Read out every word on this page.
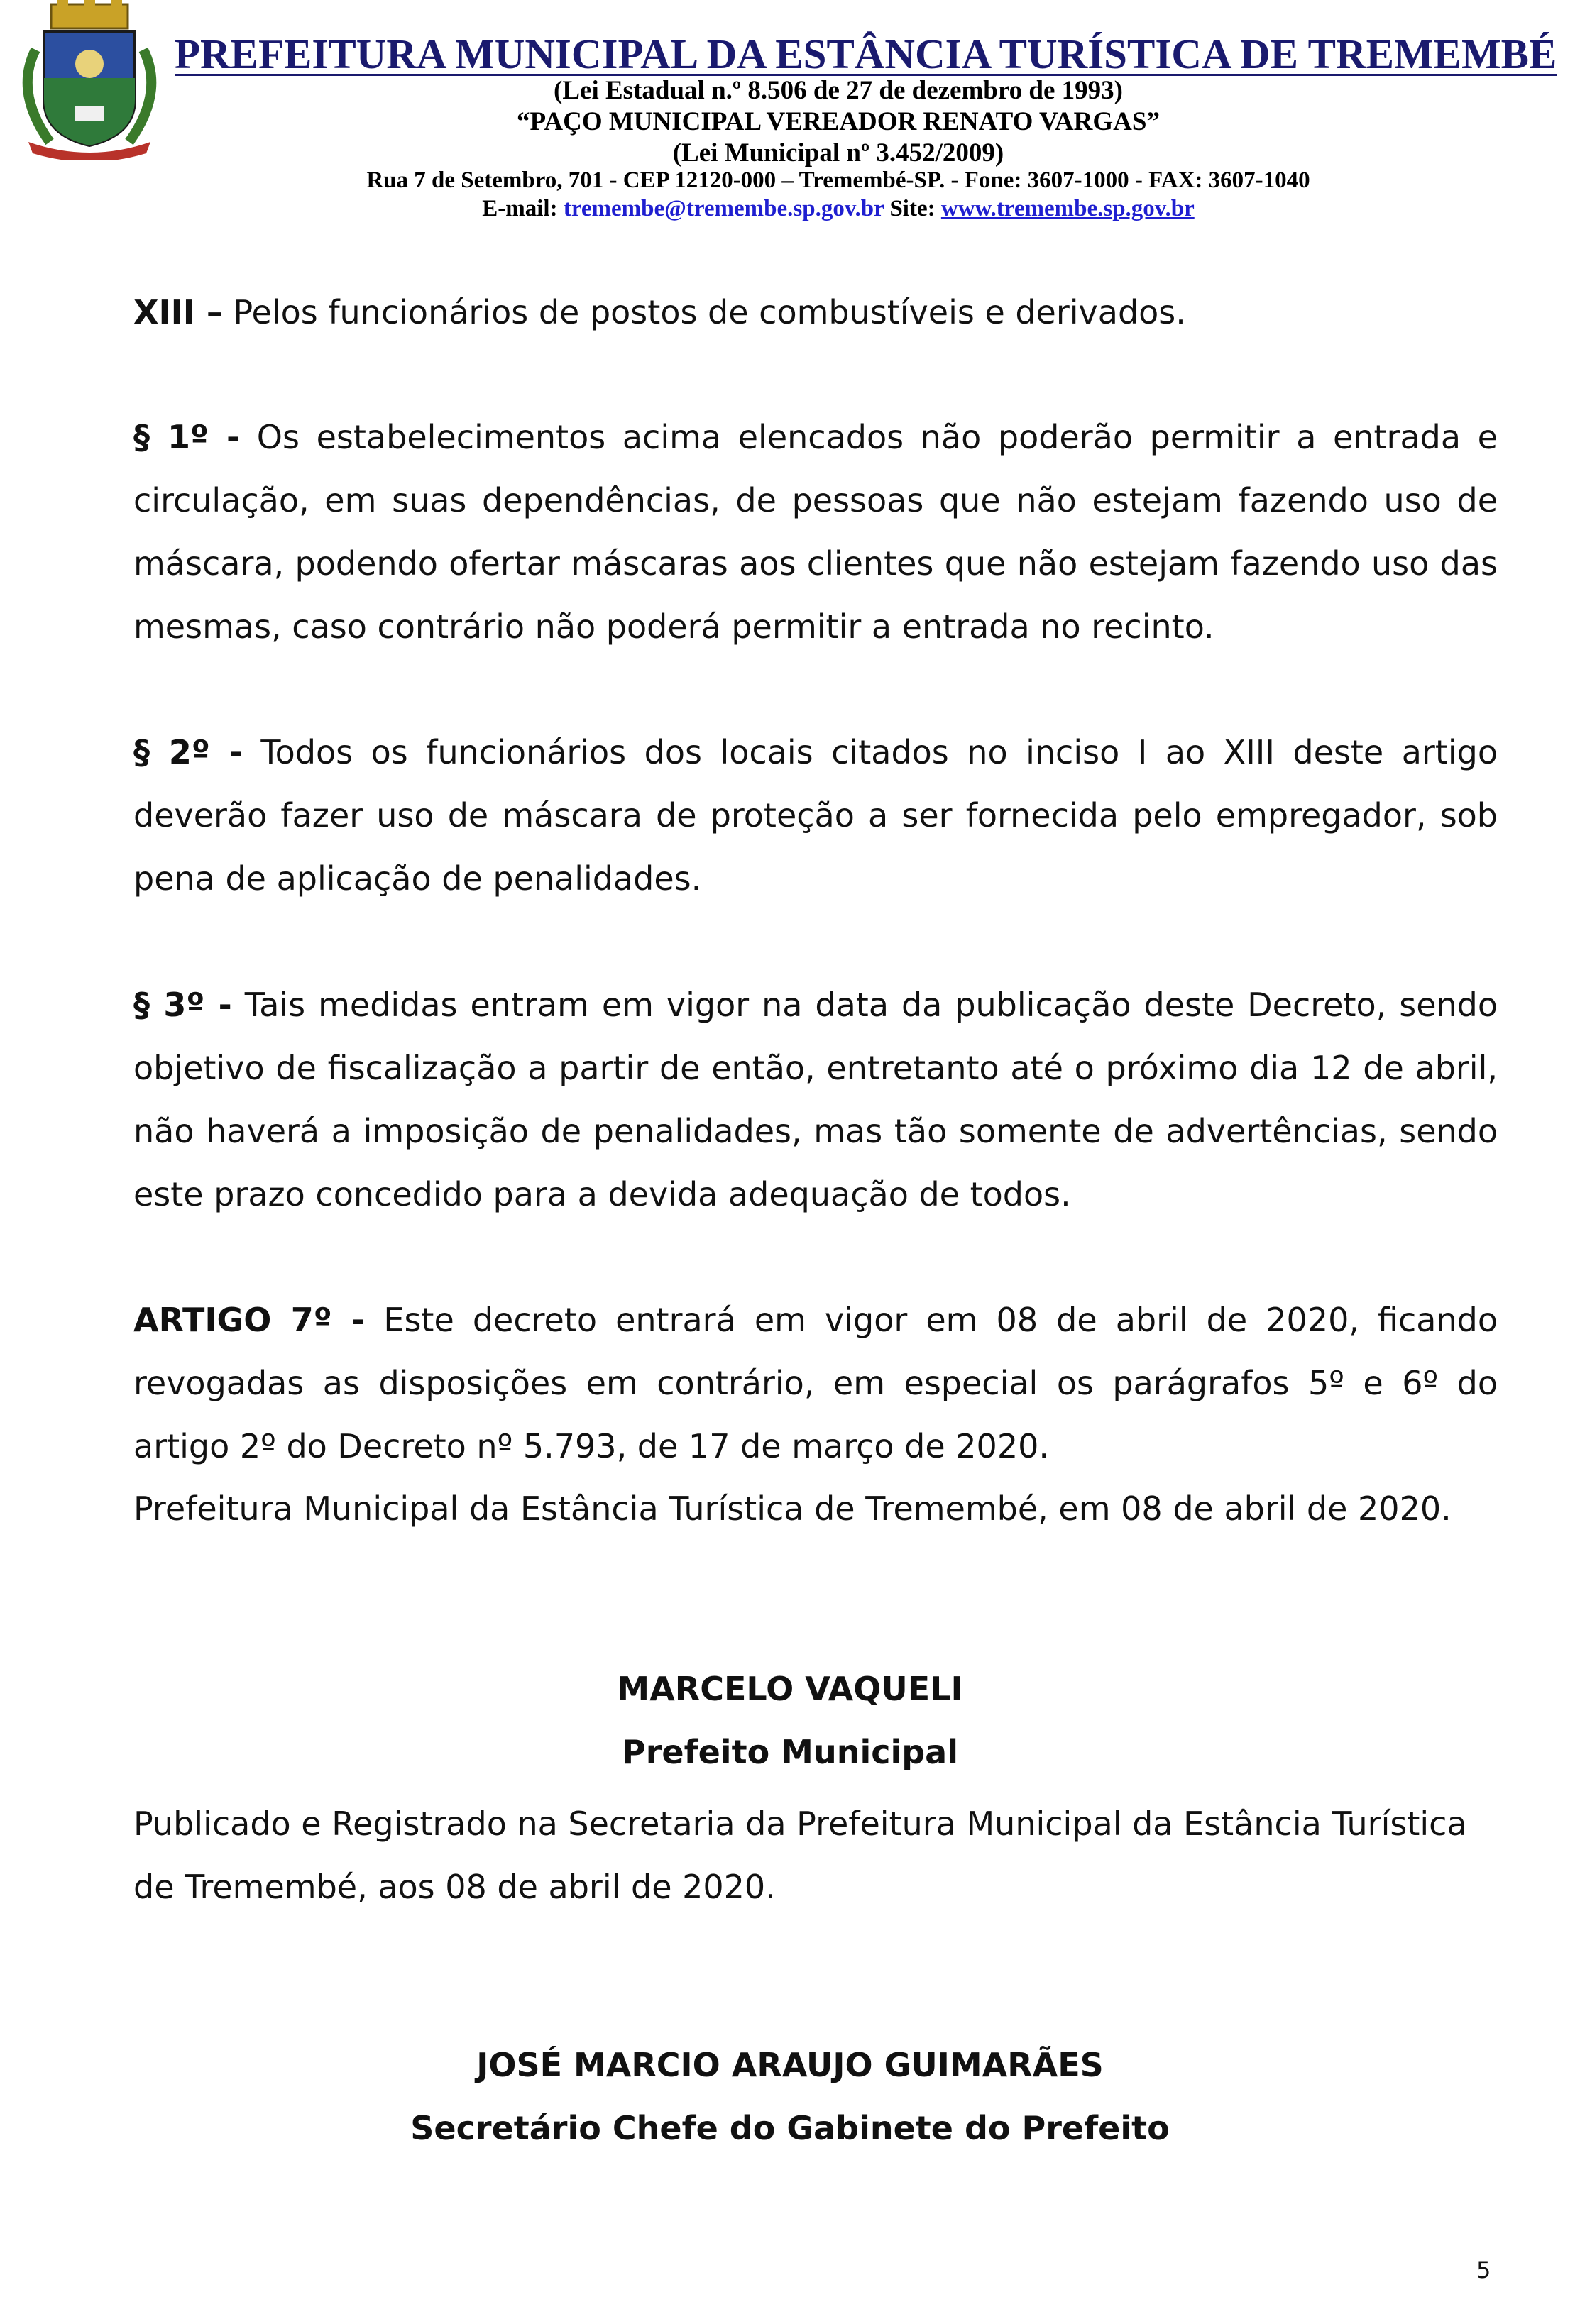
PREFEITURA MUNICIPAL DA ESTÂNCIA TURÍSTICA DE TREMEMBÉ
(Lei Estadual n.º 8.506 de 27 de dezembro de 1993)
“PAÇO MUNICIPAL VEREADOR RENATO VARGAS”
(Lei Municipal nº 3.452/2009)
Rua 7 de Setembro, 701 - CEP 12120-000 – Tremembé-SP. - Fone: 3607-1000 - FAX: 3607-1040
E-mail: tremembe@tremembe.sp.gov.br Site: www.tremembe.sp.gov.br

XIII – Pelos funcionários de postos de combustíveis e derivados.

§ 1º - Os estabelecimentos acima elencados não poderão permitir a entrada e circulação, em suas dependências, de pessoas que não estejam fazendo uso de máscara, podendo ofertar máscaras aos clientes que não estejam fazendo uso das mesmas, caso contrário não poderá permitir a entrada no recinto.

§ 2º - Todos os funcionários dos locais citados no inciso I ao XIII deste artigo deverão fazer uso de máscara de proteção a ser fornecida pelo empregador, sob pena de aplicação de penalidades.

§ 3º - Tais medidas entram em vigor na data da publicação deste Decreto, sendo objetivo de fiscalização a partir de então, entretanto até o próximo dia 12 de abril, não haverá a imposição de penalidades, mas tão somente de advertências, sendo este prazo concedido para a devida adequação de todos.

ARTIGO 7º - Este decreto entrará em vigor em 08 de abril de 2020, ficando revogadas as disposições em contrário, em especial os parágrafos 5º e 6º do artigo 2º do Decreto nº 5.793, de 17 de março de 2020.

Prefeitura Municipal da Estância Turística de Tremembé, em 08 de abril de 2020.

MARCELO VAQUELI
Prefeito Municipal

Publicado e Registrado na Secretaria da Prefeitura Municipal da Estância Turística de Tremembé, aos 08 de abril de 2020.

JOSÉ MARCIO ARAUJO GUIMARÃES
Secretário Chefe do Gabinete do Prefeito
5
